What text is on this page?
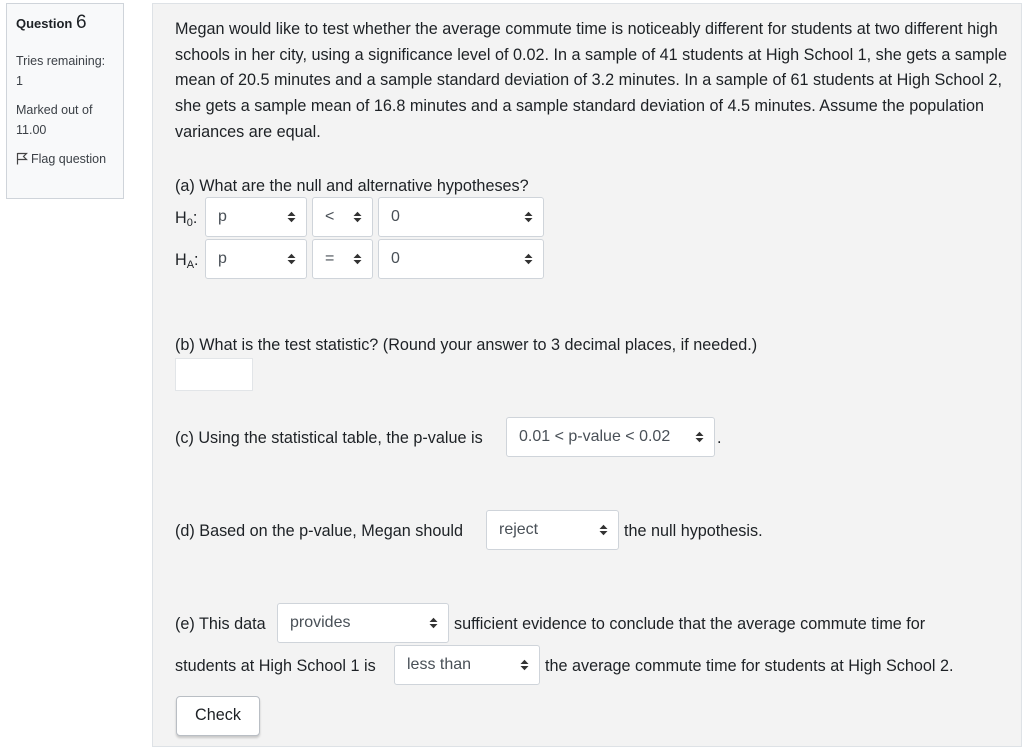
Question 6
Tries remaining:
1
Marked out of
11.00
Flag question
Megan would like to test whether the average commute time is noticeably different for students at two different high schools in her city, using a significance level of 0.02. In a sample of 41 students at High School 1, she gets a sample mean of 20.5 minutes and a sample standard deviation of 3.2 minutes. In a sample of 61 students at High School 2, she gets a sample mean of 16.8 minutes and a sample standard deviation of 4.5 minutes. Assume the population variances are equal.
(a) What are the null and alternative hypotheses?
$H_0$:	p	<	0
$H_A$:	p	=	0
(b) What is the test statistic? (Round your answer to 3 decimal places, if needed.)
(c) Using the statistical table, the p-value is	0.01 < p-value < 0.02	.
(d) Based on the p-value, Megan should	reject	the null hypothesis.
(e) This data	provides	sufficient evidence to conclude that the average commute time for
students at High School 1 is	less than	the average commute time for students at High School 2.
Check
